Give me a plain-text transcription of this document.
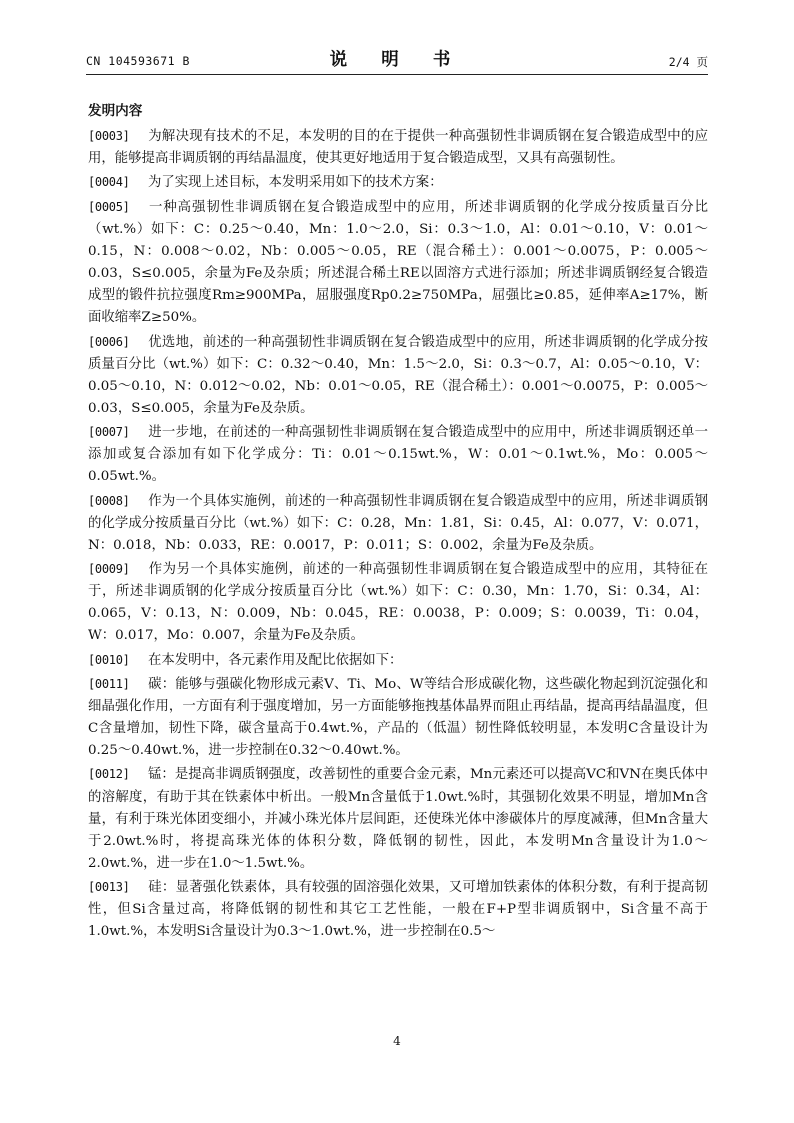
CN 104593671 B	说 明 书	2/4 页
发明内容

[0003] 为解决现有技术的不足，本发明的目的在于提供一种高强韧性非调质钢在复合锻造成型中的应用，能够提高非调质钢的再结晶温度，使其更好地适用于复合锻造成型，又具有高强韧性。

[0004] 为了实现上述目标，本发明采用如下的技术方案：

[0005] 一种高强韧性非调质钢在复合锻造成型中的应用，所述非调质钢的化学成分按质量百分比（wt.%）如下：C：0.25～0.40，Mn：1.0～2.0，Si：0.3～1.0，Al：0.01～0.10，V：0.01～0.15，N：0.008～0.02，Nb：0.005～0.05，RE（混合稀土）：0.001～0.0075，P：0.005～0.03，S≤0.005，余量为Fe及杂质；所述混合稀土RE以固溶方式进行添加；所述非调质钢经复合锻造成型的锻件抗拉强度Rm≥900MPa，屈服强度Rp0.2≥750MPa，屈强比≥0.85，延伸率A≥17%，断面收缩率Z≥50%。

[0006] 优选地，前述的一种高强韧性非调质钢在复合锻造成型中的应用，所述非调质钢的化学成分按质量百分比（wt.%）如下：C：0.32～0.40，Mn：1.5～2.0，Si：0.3～0.7，Al：0.05～0.10，V：0.05～0.10，N：0.012～0.02，Nb：0.01～0.05，RE（混合稀土）：0.001～0.0075，P：0.005～0.03，S≤0.005，余量为Fe及杂质。

[0007] 进一步地，在前述的一种高强韧性非调质钢在复合锻造成型中的应用中，所述非调质钢还单一添加或复合添加有如下化学成分：Ti：0.01～0.15wt.%，W：0.01～0.1wt.%，Mo：0.005～0.05wt.%。

[0008] 作为一个具体实施例，前述的一种高强韧性非调质钢在复合锻造成型中的应用，所述非调质钢的化学成分按质量百分比（wt.%）如下：C：0.28，Mn：1.81，Si：0.45，Al：0.077，V：0.071，N：0.018，Nb：0.033，RE：0.0017，P：0.011；S：0.002，余量为Fe及杂质。

[0009] 作为另一个具体实施例，前述的一种高强韧性非调质钢在复合锻造成型中的应用，其特征在于，所述非调质钢的化学成分按质量百分比（wt.%）如下：C：0.30，Mn：1.70，Si：0.34，Al：0.065，V：0.13，N：0.009，Nb：0.045，RE：0.0038，P：0.009；S：0.0039，Ti：0.04，W：0.017，Mo：0.007，余量为Fe及杂质。

[0010] 在本发明中，各元素作用及配比依据如下：

[0011] 碳：能够与强碳化物形成元素V、Ti、Mo、W等结合形成碳化物，这些碳化物起到沉淀强化和细晶强化作用，一方面有利于强度增加，另一方面能够拖拽基体晶界而阻止再结晶，提高再结晶温度，但C含量增加，韧性下降，碳含量高于0.4wt.%，产品的（低温）韧性降低较明显，本发明C含量设计为0.25～0.40wt.%，进一步控制在0.32～0.40wt.%。

[0012] 锰：是提高非调质钢强度，改善韧性的重要合金元素，Mn元素还可以提高VC和VN在奥氏体中的溶解度，有助于其在铁素体中析出。一般Mn含量低于1.0wt.%时，其强韧化效果不明显，增加Mn含量，有利于珠光体团变细小，并减小珠光体片层间距，还使珠光体中渗碳体片的厚度减薄，但Mn含量大于2.0wt.%时，将提高珠光体的体积分数，降低钢的韧性，因此，本发明Mn含量设计为1.0～2.0wt.%，进一步在1.0～1.5wt.%。

[0013] 硅：显著强化铁素体，具有较强的固溶强化效果，又可增加铁素体的体积分数，有利于提高韧性，但Si含量过高，将降低钢的韧性和其它工艺性能，一般在F+P型非调质钢中，Si含量不高于1.0wt.%，本发明Si含量设计为0.3～1.0wt.%，进一步控制在0.5～

4
